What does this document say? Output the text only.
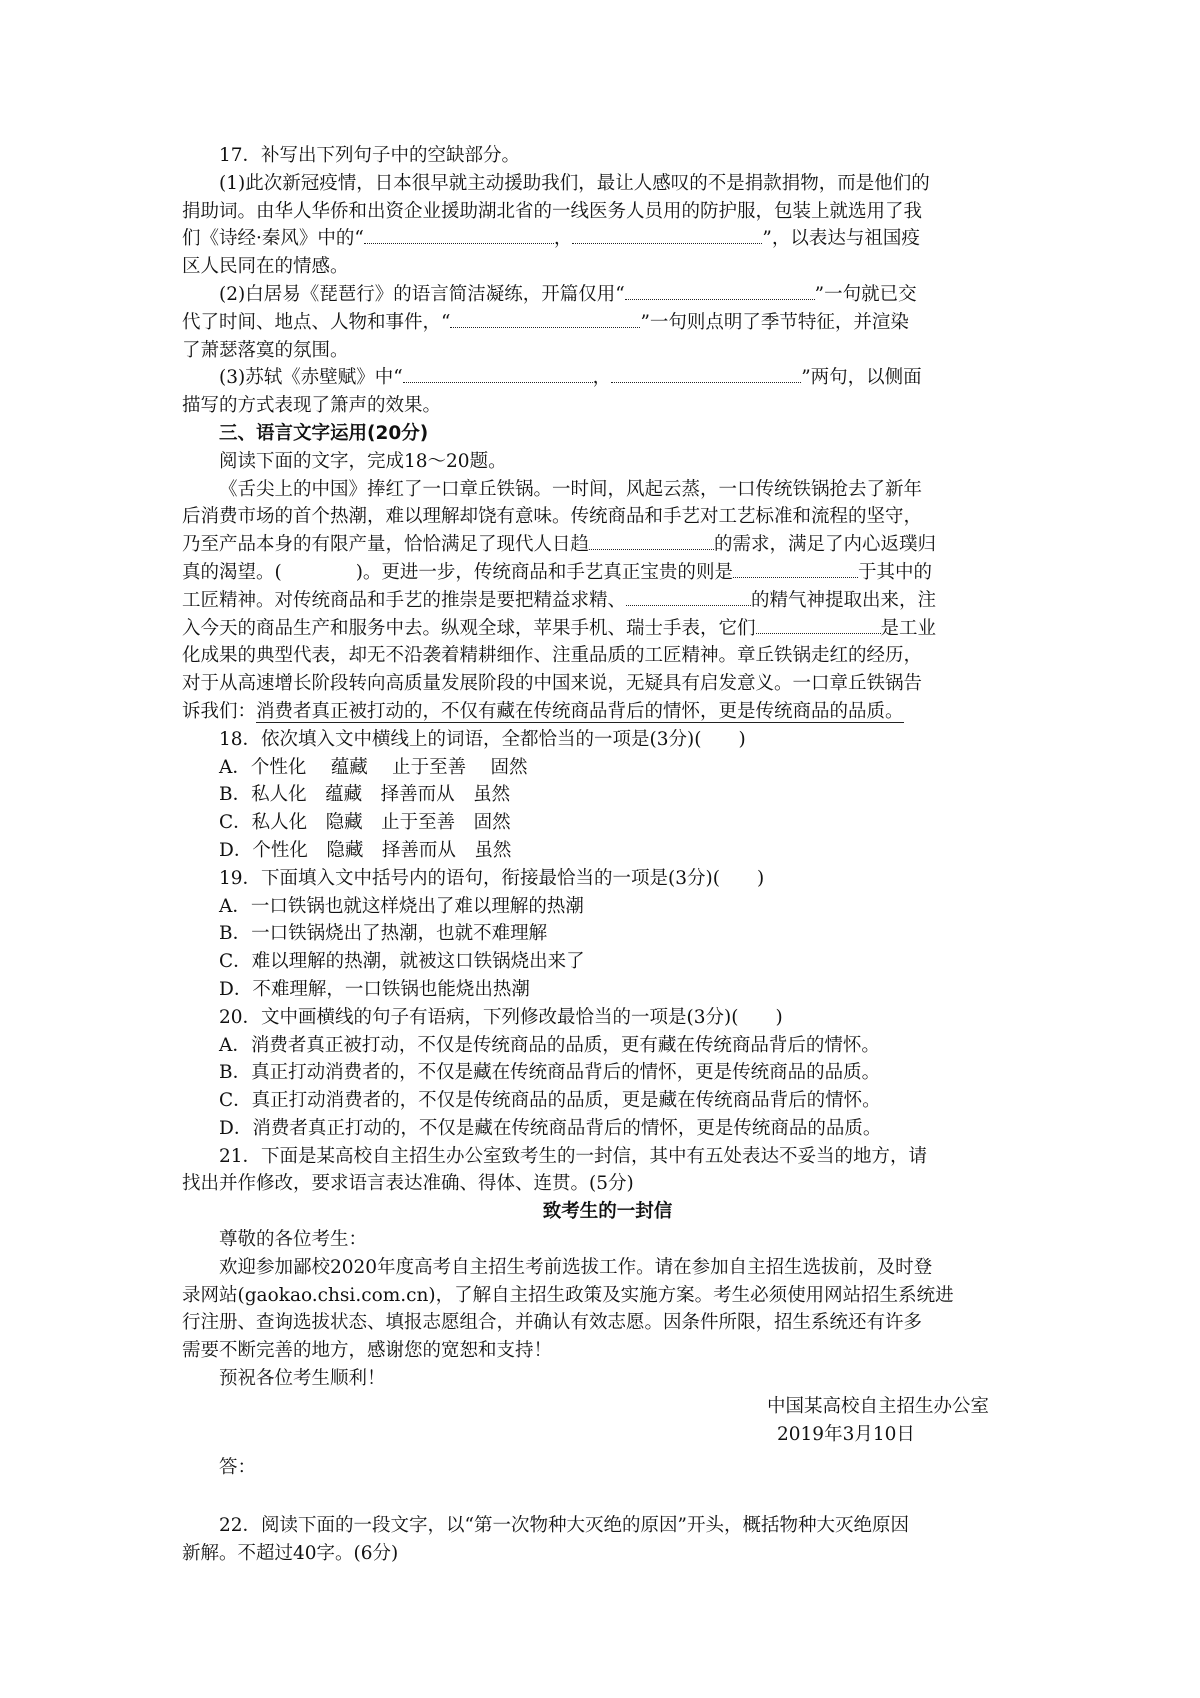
17．补写出下列句子中的空缺部分。
(1)此次新冠疫情，日本很早就主动援助我们，最让人感叹的不是捐款捐物，而是他们的
捐助词。由华人华侨和出资企业援助湖北省的一线医务人员用的防护服，包装上就选用了我
们《诗经·秦风》中的“	，	”，以表达与祖国疫
区人民同在的情感。
(2)白居易《琵琶行》的语言简洁凝练，开篇仅用“	”一句就已交
代了时间、地点、人物和事件，“	”一句则点明了季节特征，并渲染
了萧瑟落寞的氛围。
(3)苏轼《赤壁赋》中“	，	”两句，以侧面
描写的方式表现了箫声的效果。
三、语言文字运用(20分)
阅读下面的文字，完成18～20题。
《舌尖上的中国》捧红了一口章丘铁锅。一时间，风起云蒸，一口传统铁锅抢去了新年
后消费市场的首个热潮，难以理解却饶有意味。传统商品和手艺对工艺标准和流程的坚守，
乃至产品本身的有限产量，恰恰满足了现代人日趋	的需求，满足了内心返璞归
真的渴望。(　　　　)。更进一步，传统商品和手艺真正宝贵的则是	于其中的
工匠精神。对传统商品和手艺的推崇是要把精益求精、	的精气神提取出来，注
入今天的商品生产和服务中去。纵观全球，苹果手机、瑞士手表，它们	是工业
化成果的典型代表，却无不沿袭着精耕细作、注重品质的工匠精神。章丘铁锅走红的经历，
对于从高速增长阶段转向高质量发展阶段的中国来说，无疑具有启发意义。一口章丘铁锅告
诉我们：消费者真正被打动的，不仅有藏在传统商品背后的情怀，更是传统商品的品质。
18．依次填入文中横线上的词语，全都恰当的一项是(3分)(　　)
A．个性化　 蕴藏　 止于至善　 固然
B．私人化　蕴藏　择善而从　虽然
C．私人化　隐藏　止于至善　固然
D．个性化　隐藏　择善而从　虽然
19．下面填入文中括号内的语句，衔接最恰当的一项是(3分)(　　)
A．一口铁锅也就这样烧出了难以理解的热潮
B．一口铁锅烧出了热潮，也就不难理解
C．难以理解的热潮，就被这口铁锅烧出来了
D．不难理解，一口铁锅也能烧出热潮
20．文中画横线的句子有语病，下列修改最恰当的一项是(3分)(　　)
A．消费者真正被打动，不仅是传统商品的品质，更有藏在传统商品背后的情怀。
B．真正打动消费者的，不仅是藏在传统商品背后的情怀，更是传统商品的品质。
C．真正打动消费者的，不仅是传统商品的品质，更是藏在传统商品背后的情怀。
D．消费者真正打动的，不仅是藏在传统商品背后的情怀，更是传统商品的品质。
21．下面是某高校自主招生办公室致考生的一封信，其中有五处表达不妥当的地方，请
找出并作修改，要求语言表达准确、得体、连贯。(5分)
致考生的一封信
尊敬的各位考生：
欢迎参加鄙校2020年度高考自主招生考前选拔工作。请在参加自主招生选拔前，及时登
录网站(gaokao.chsi.com.cn)，了解自主招生政策及实施方案。考生必须使用网站招生系统进
行注册、查询选拔状态、填报志愿组合，并确认有效志愿。因条件所限，招生系统还有许多
需要不断完善的地方，感谢您的宽恕和支持！
预祝各位考生顺利！
中国某高校自主招生办公室
2019年3月10日
答：
22．阅读下面的一段文字，以“第一次物种大灭绝的原因”开头，概括物种大灭绝原因
新解。不超过40字。(6分)
